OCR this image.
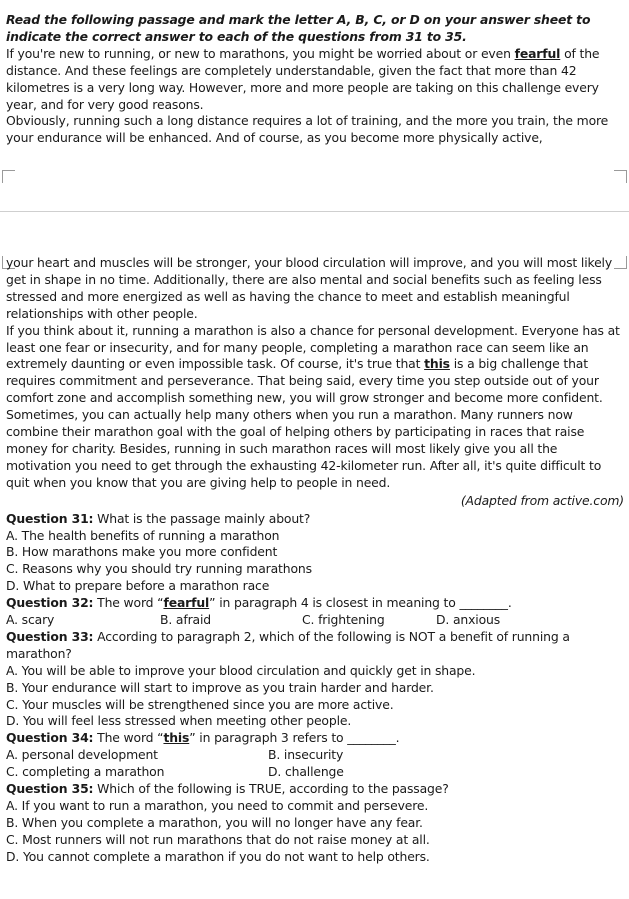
Read the following passage and mark the letter A, B, C, or D on your answer sheet to

indicate the correct answer to each of the questions from 31 to 35.

If you're new to running, or new to marathons, you might be worried about or even fearful of the distance. And these feelings are completely understandable, given the fact that more than 42 kilometres is a very long way. However, more and more people are taking on this challenge every year, and for very good reasons.

Obviously, running such a long distance requires a lot of training, and the more you train, the more your endurance will be enhanced. And of course, as you become more physically active,

your heart and muscles will be stronger, your blood circulation will improve, and you will most likely get in shape in no time. Additionally, there are also mental and social benefits such as feeling less stressed and more energized as well as having the chance to meet and establish meaningful relationships with other people.

If you think about it, running a marathon is also a chance for personal development. Everyone has at least one fear or insecurity, and for many people, completing a marathon race can seem like an extremely daunting or even impossible task. Of course, it's true that this is a big challenge that requires commitment and perseverance. That being said, every time you step outside out of your comfort zone and accomplish something new, you will grow stronger and become more confident.

Sometimes, you can actually help many others when you run a marathon. Many runners now combine their marathon goal with the goal of helping others by participating in races that raise money for charity. Besides, running in such marathon races will most likely give you all the motivation you need to get through the exhausting 42-kilometer run. After all, it's quite difficult to quit when you know that you are giving help to people in need.

(Adapted from active.com)

Question 31: What is the passage mainly about?

A. The health benefits of running a marathon

B. How marathons make you more confident

C. Reasons why you should try running marathons

D. What to prepare before a marathon race

Question 32: The word “fearful” in paragraph 4 is closest in meaning to ________.

A. scary	B. afraid	C. frightening	D. anxious

Question 33: According to paragraph 2, which of the following is NOT a benefit of running a marathon?

A. You will be able to improve your blood circulation and quickly get in shape.

B. Your endurance will start to improve as you train harder and harder.

C. Your muscles will be strengthened since you are more active.

D. You will feel less stressed when meeting other people.

Question 34: The word “this” in paragraph 3 refers to ________.

A. personal development	B. insecurity
C. completing a marathon	D. challenge

Question 35: Which of the following is TRUE, according to the passage?

A. If you want to run a marathon, you need to commit and persevere.

B. When you complete a marathon, you will no longer have any fear.

C. Most runners will not run marathons that do not raise money at all.

D. You cannot complete a marathon if you do not want to help others.
